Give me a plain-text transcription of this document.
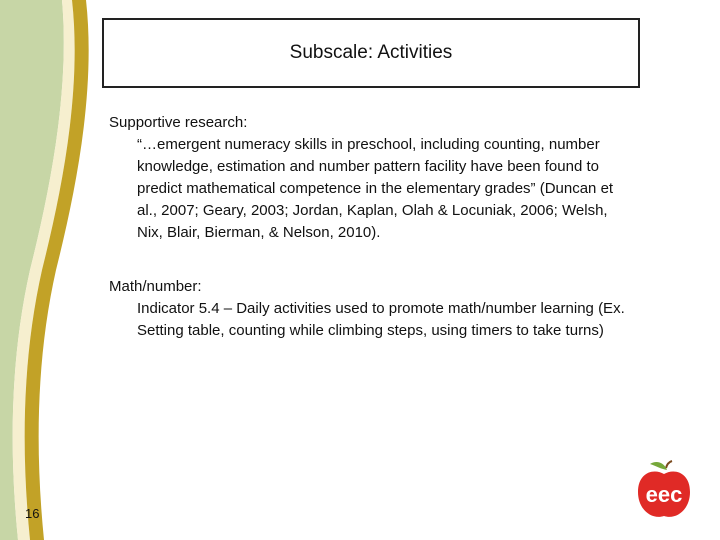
Subscale: Activities
Supportive research:
“…emergent numeracy skills in preschool, including counting, number knowledge, estimation and number pattern facility have been found to predict mathematical competence in the elementary grades” (Duncan et al., 2007; Geary, 2003; Jordan, Kaplan, Olah & Locuniak, 2006; Welsh, Nix, Blair, Bierman, & Nelson, 2010).
Math/number:
Indicator 5.4 – Daily activities used to promote math/number learning (Ex. Setting table, counting while climbing steps, using timers to take turns)
16
eec
